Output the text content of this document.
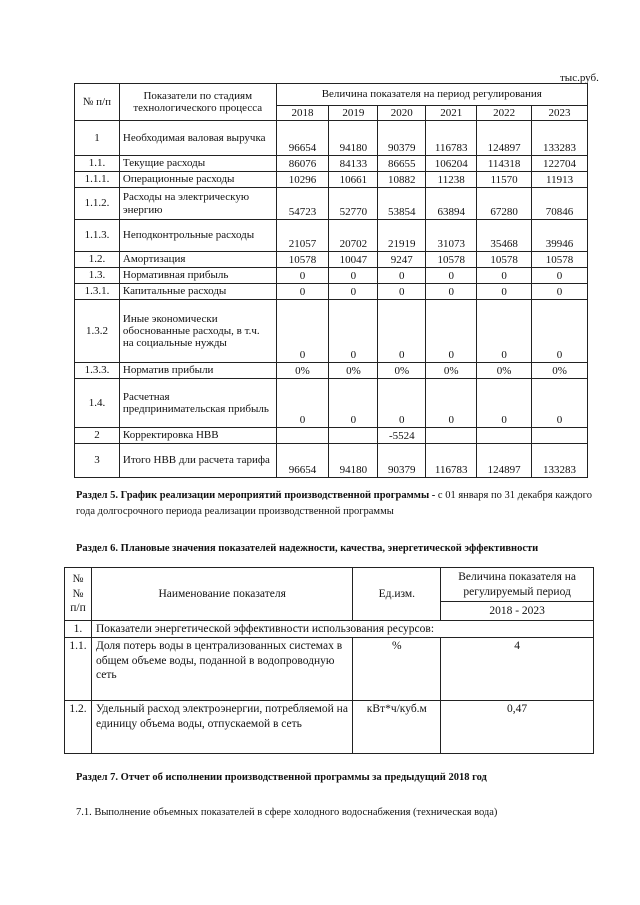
тыс.руб.
№ п/п	Показатели по стадиям технологического процесса	Величина показателя на период регулирования					
		2018	2019	2020	2021	2022	2023
1	Необходимая валовая выручка	96654	94180	90379	116783	124897	133283
1.1.	Текущие расходы	86076	84133	86655	106204	114318	122704
1.1.1.	Операционные расходы	10296	10661	10882	11238	11570	11913
1.1.2.	Расходы на электрическую энергию	54723	52770	53854	63894	67280	70846
1.1.3.	Неподконтрольные расходы	21057	20702	21919	31073	35468	39946
1.2.	Амортизация	10578	10047	9247	10578	10578	10578
1.3.	Нормативная прибыль	0	0	0	0	0	0
1.3.1.	Капитальные расходы	0	0	0	0	0	0
1.3.2	Иные экономически обоснованные расходы, в т.ч. на социальные нужды	0	0	0	0	0	0
1.3.3.	Норматив прибыли	0%	0%	0%	0%	0%	0%
1.4.	Расчетная предпринимательская прибыль	0	0	0	0	0	0
2	Корректировка НВВ			-5524			
3	Итого НВВ дли расчета тарифа	96654	94180	90379	116783	124897	133283
Раздел 5. График реализации мероприятий производственной программы - с 01 января по 31 декабря каждого года долгосрочного периода реализации производственной программы
Раздел 6. Плановые значения показателей надежности, качества, энергетической эффективности
№№ п/п	Наименование показателя	Ед.изм.	Величина показателя на регулируемый период
			2018 - 2023
1.	Показатели энергетической эффективности использования ресурсов:		
1.1.	Доля потерь воды в централизованных системах в общем объеме воды, поданной в водопроводную сеть	%	4
1.2.	Удельный расход электроэнергии, потребляемой на единицу объема воды, отпускаемой в сеть	кВт*ч/куб.м	0,47
Раздел 7. Отчет об исполнении производственной программы за предыдущий 2018 год
7.1. Выполнение объемных показателей в сфере холодного водоснабжения (техническая вода)
